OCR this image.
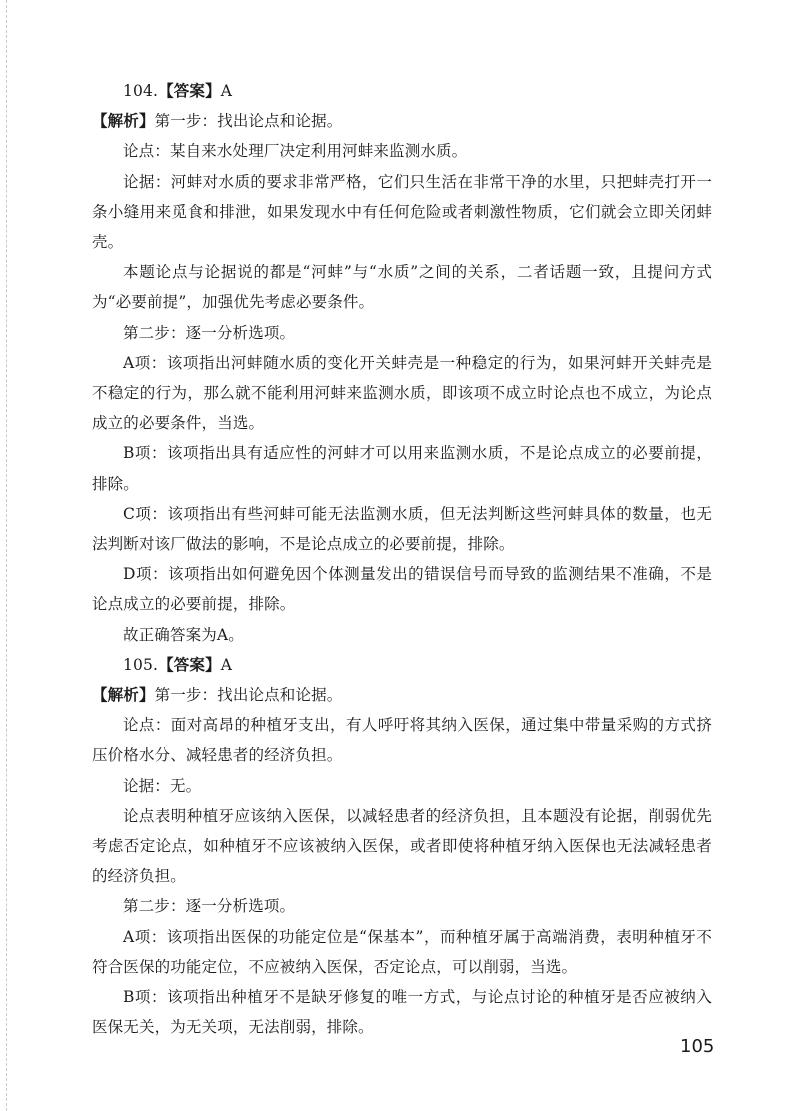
104.【答案】A

【解析】第一步：找出论点和论据。

论点：某自来水处理厂决定利用河蚌来监测水质。

论据：河蚌对水质的要求非常严格，它们只生活在非常干净的水里，只把蚌壳打开一条小缝用来觅食和排泄，如果发现水中有任何危险或者刺激性物质，它们就会立即关闭蚌壳。

本题论点与论据说的都是“河蚌”与“水质”之间的关系，二者话题一致，且提问方式为“必要前提”，加强优先考虑必要条件。

第二步：逐一分析选项。

A项：该项指出河蚌随水质的变化开关蚌壳是一种稳定的行为，如果河蚌开关蚌壳是不稳定的行为，那么就不能利用河蚌来监测水质，即该项不成立时论点也不成立，为论点成立的必要条件，当选。

B项：该项指出具有适应性的河蚌才可以用来监测水质，不是论点成立的必要前提，排除。

C项：该项指出有些河蚌可能无法监测水质，但无法判断这些河蚌具体的数量，也无法判断对该厂做法的影响，不是论点成立的必要前提，排除。

D项：该项指出如何避免因个体测量发出的错误信号而导致的监测结果不准确，不是论点成立的必要前提，排除。

故正确答案为A。

105.【答案】A

【解析】第一步：找出论点和论据。

论点：面对高昂的种植牙支出，有人呼吁将其纳入医保，通过集中带量采购的方式挤压价格水分、减轻患者的经济负担。

论据：无。

论点表明种植牙应该纳入医保，以减轻患者的经济负担，且本题没有论据，削弱优先考虑否定论点，如种植牙不应该被纳入医保，或者即使将种植牙纳入医保也无法减轻患者的经济负担。

第二步：逐一分析选项。

A项：该项指出医保的功能定位是“保基本”，而种植牙属于高端消费，表明种植牙不符合医保的功能定位，不应被纳入医保，否定论点，可以削弱，当选。

B项：该项指出种植牙不是缺牙修复的唯一方式，与论点讨论的种植牙是否应被纳入医保无关，为无关项，无法削弱，排除。

105
